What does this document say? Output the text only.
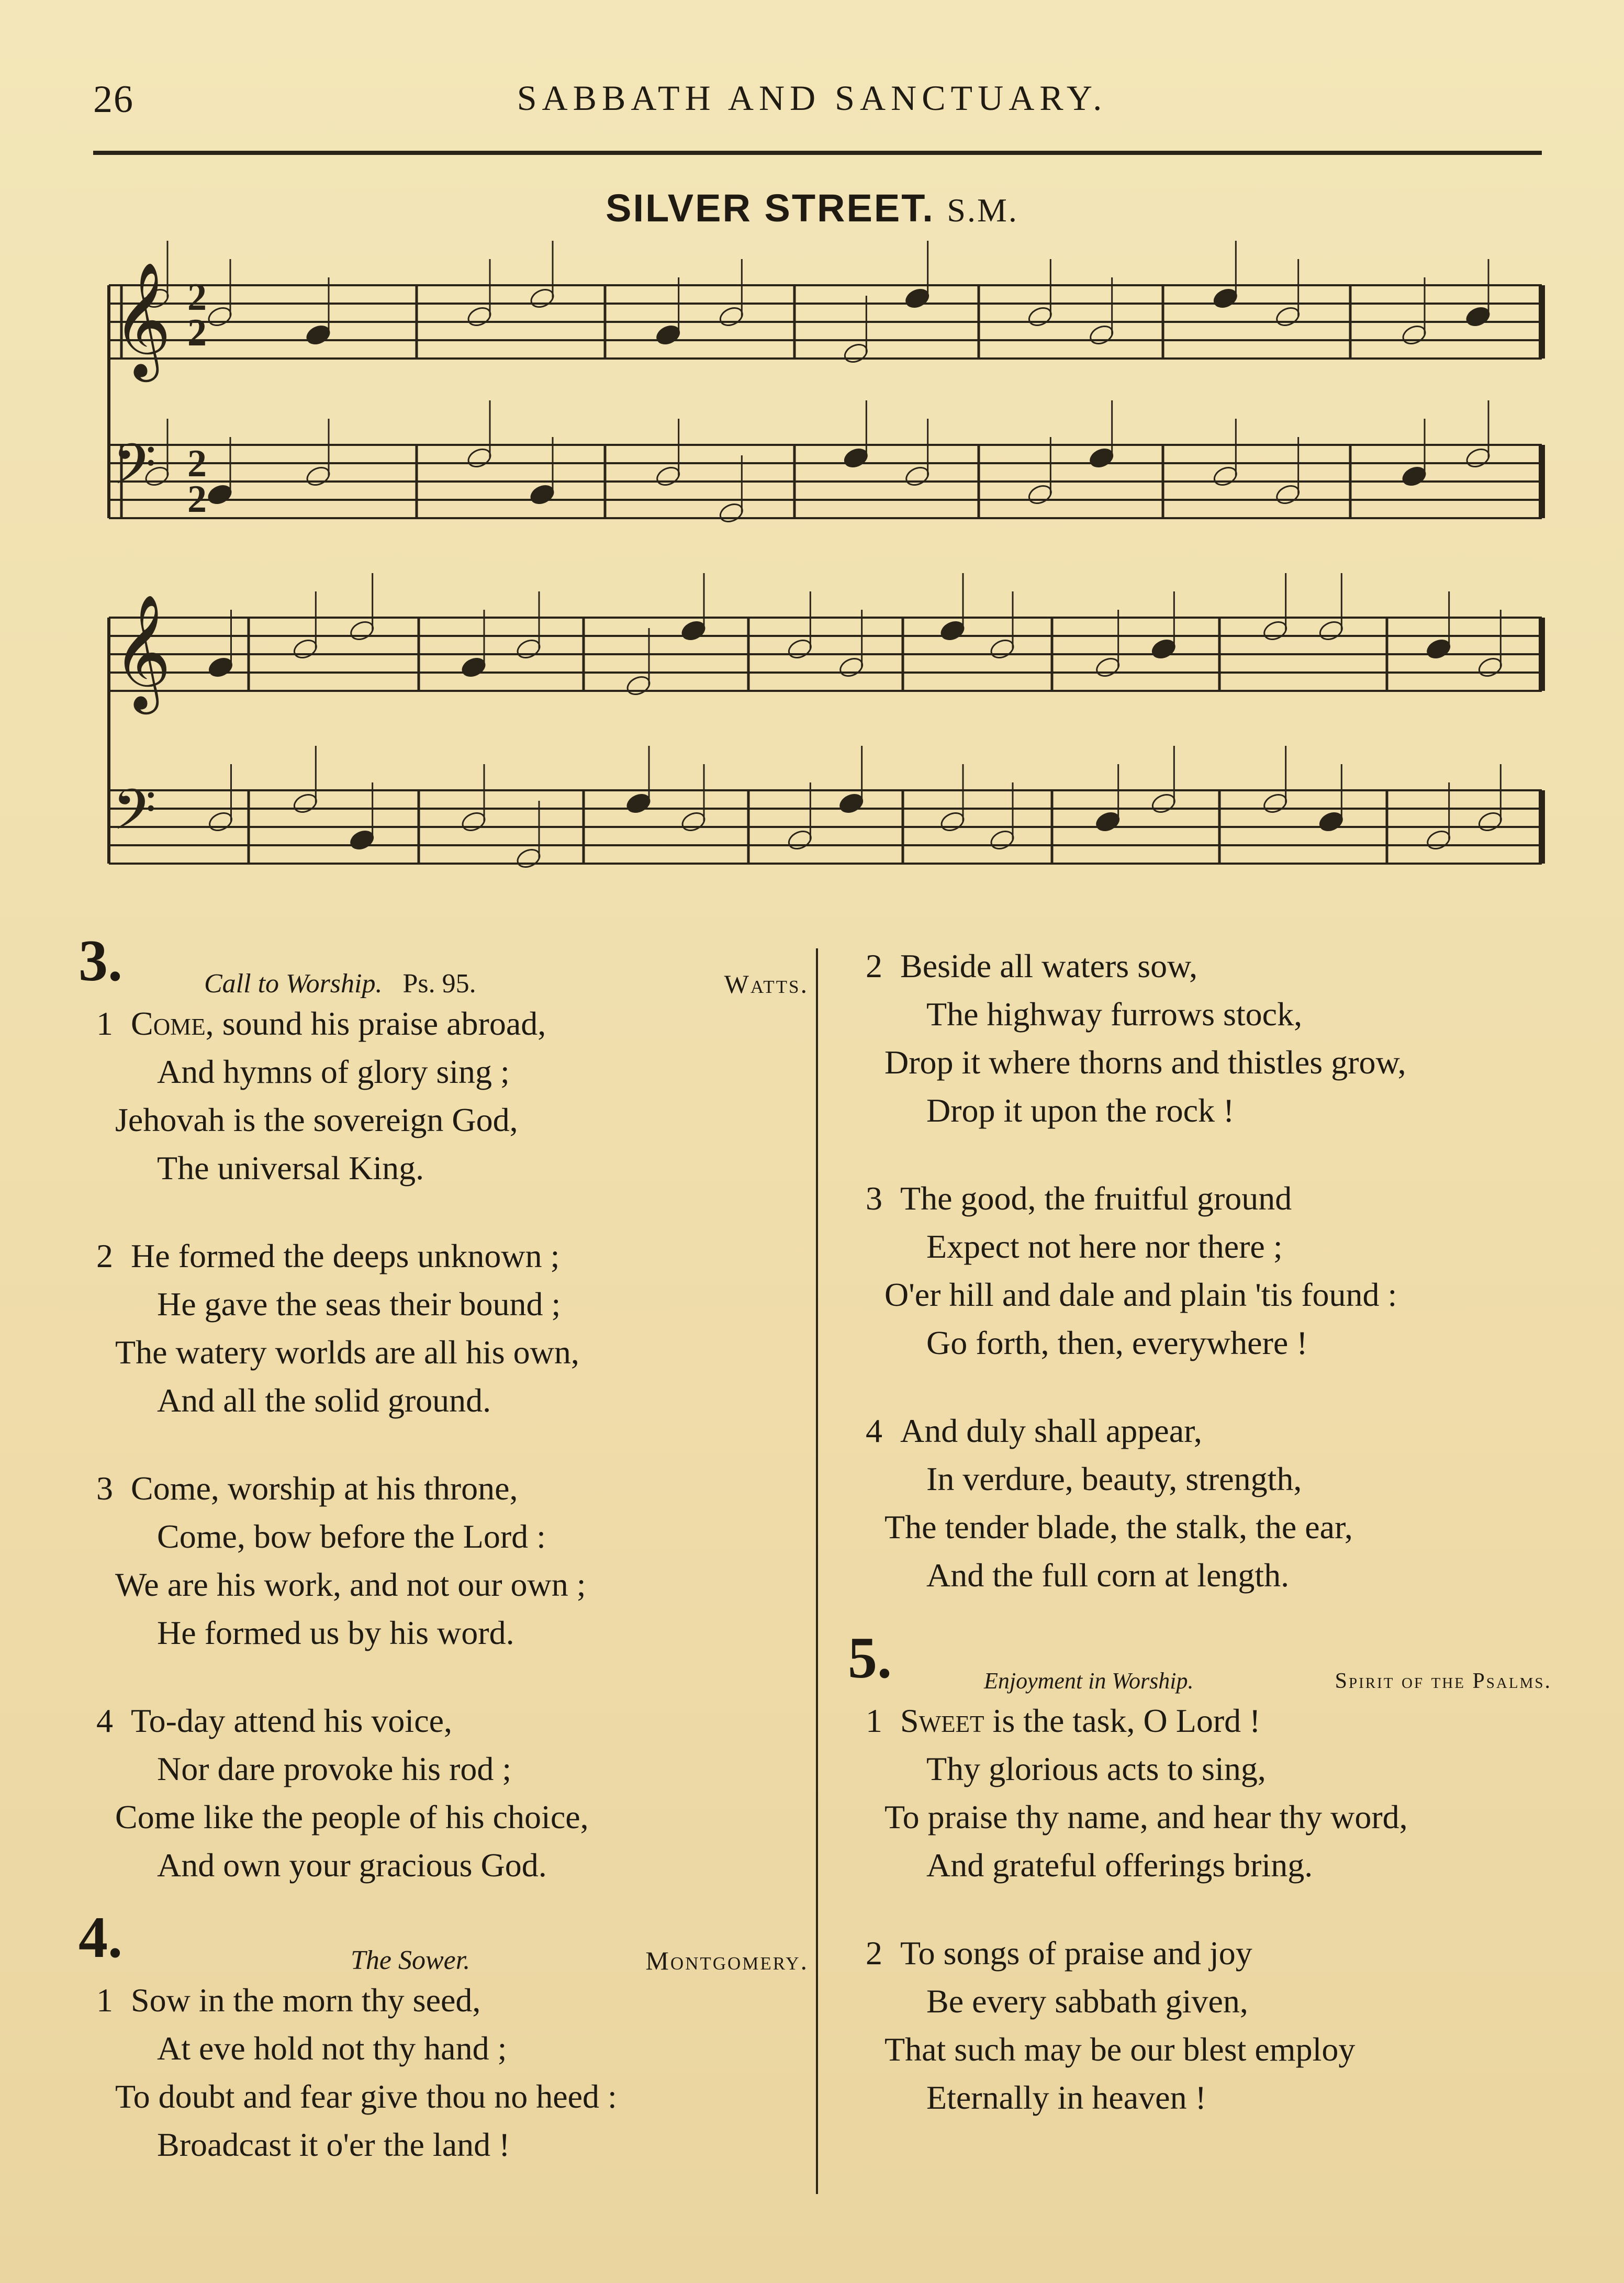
26	SABBATH AND SANCTUARY.
SILVER STREET. S.M.
𝄞
𝄢
𝄞
𝄢
2
2
2
2
3.	Call to Worship. Ps. 95.	Watts.

1 Come, sound his praise abroad,

And hymns of glory sing ;

Jehovah is the sovereign God,

The universal King.

2 He formed the deeps unknown ;

He gave the seas their bound ;

The watery worlds are all his own,

And all the solid ground.

3 Come, worship at his throne,

Come, bow before the Lord :

We are his work, and not our own ;

He formed us by his word.

4 To-day attend his voice,

Nor dare provoke his rod ;

Come like the people of his choice,

And own your gracious God.

4.	The Sower.	Montgomery.

1 Sow in the morn thy seed,

At eve hold not thy hand ;

To doubt and fear give thou no heed :

Broadcast it o'er the land !

2 Beside all waters sow,

The highway furrows stock,

Drop it where thorns and thistles grow,

Drop it upon the rock !

3 The good, the fruitful ground

Expect not here nor there ;

O'er hill and dale and plain 'tis found :

Go forth, then, everywhere !

4 And duly shall appear,

In verdure, beauty, strength,

The tender blade, the stalk, the ear,

And the full corn at length.

5.	Enjoyment in Worship.	Spirit of the Psalms.

1 Sweet is the task, O Lord !

Thy glorious acts to sing,

To praise thy name, and hear thy word,

And grateful offerings bring.

2 To songs of praise and joy

Be every sabbath given,

That such may be our blest employ

Eternally in heaven !
